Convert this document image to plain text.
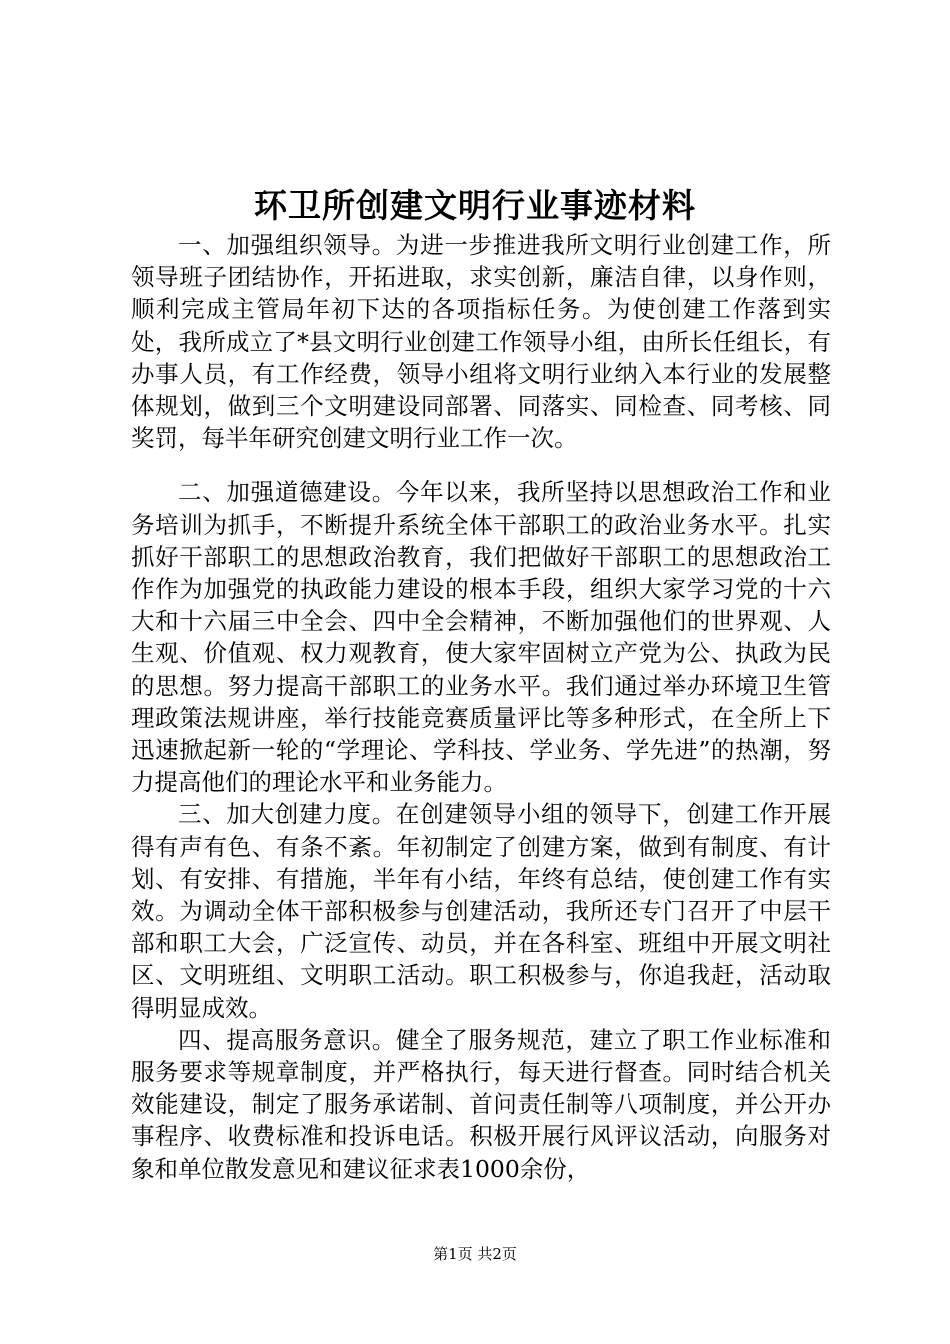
环卫所创建文明行业事迹材料

一、加强组织领导。为进一步推进我所文明行业创建工作，所领导班子团结协作，开拓进取，求实创新，廉洁自律，以身作则，顺利完成主管局年初下达的各项指标任务。为使创建工作落到实处，我所成立了*县文明行业创建工作领导小组，由所长任组长，有办事人员，有工作经费，领导小组将文明行业纳入本行业的发展整体规划，做到三个文明建设同部署、同落实、同检查、同考核、同奖罚，每半年研究创建文明行业工作一次。

二、加强道德建设。今年以来，我所坚持以思想政治工作和业务培训为抓手，不断提升系统全体干部职工的政治业务水平。扎实抓好干部职工的思想政治教育，我们把做好干部职工的思想政治工作作为加强党的执政能力建设的根本手段，组织大家学习党的十六大和十六届三中全会、四中全会精神，不断加强他们的世界观、人生观、价值观、权力观教育，使大家牢固树立产党为公、执政为民的思想。努力提高干部职工的业务水平。我们通过举办环境卫生管理政策法规讲座，举行技能竞赛质量评比等多种形式，在全所上下迅速掀起新一轮的“学理论、学科技、学业务、学先进”的热潮，努力提高他们的理论水平和业务能力。

三、加大创建力度。在创建领导小组的领导下，创建工作开展得有声有色、有条不紊。年初制定了创建方案，做到有制度、有计划、有安排、有措施，半年有小结，年终有总结，使创建工作有实效。为调动全体干部积极参与创建活动，我所还专门召开了中层干部和职工大会，广泛宣传、动员，并在各科室、班组中开展文明社区、文明班组、文明职工活动。职工积极参与，你追我赶，活动取得明显成效。

四、提高服务意识。健全了服务规范，建立了职工作业标准和服务要求等规章制度，并严格执行，每天进行督查。同时结合机关效能建设，制定了服务承诺制、首问责任制等八项制度，并公开办事程序、收费标准和投诉电话。积极开展行风评议活动，向服务对象和单位散发意见和建议征求表1000余份，

第1页 共2页
